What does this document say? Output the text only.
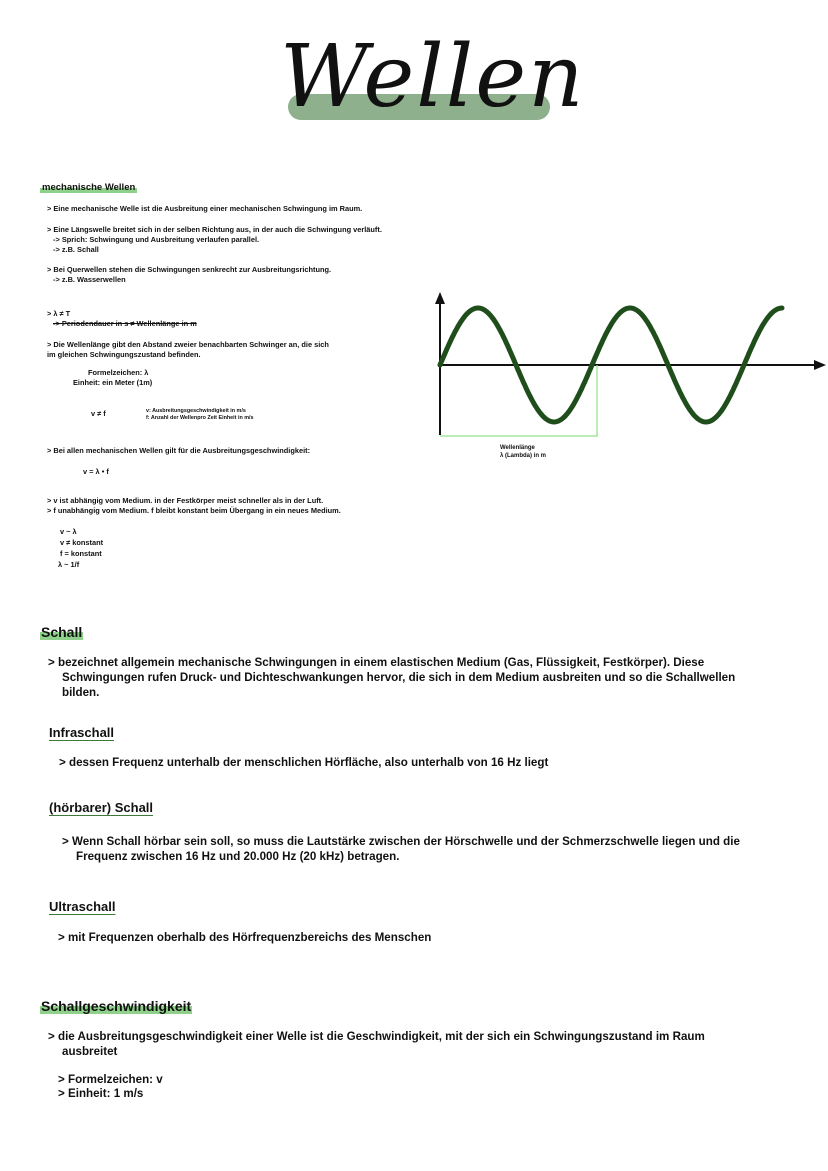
Wellen
mechanische Wellen
> Eine mechanische Welle ist die Ausbreitung einer mechanischen Schwingung im Raum.
> Eine Längswelle breitet sich in der selben Richtung aus, in der auch die Schwingung verläuft.
-> Sprich: Schwingung und Ausbreitung verlaufen parallel.
-> z.B. Schall
> Bei Querwellen stehen die Schwingungen senkrecht zur Ausbreitungsrichtung.
-> z.B. Wasserwellen
> λ ≠ T
-> Periodendauer in s ≠ Wellenlänge in m
> Die Wellenlänge gibt den Abstand zweier benachbarten Schwinger an, die sich
im gleichen Schwingungszustand befinden.
Formelzeichen: λ
Einheit: ein Meter (1m)
v ≠ f	v: Ausbreitungsgeschwindigkeit in m/s
f: Anzahl der Wellenpro Zeit Einheit in m/s
> Bei allen mechanischen Wellen gilt für die Ausbreitungsgeschwindigkeit:
v = λ • f
> v ist abhängig vom Medium. in der Festkörper meist schneller als in der Luft.
> f unabhängig vom Medium. f bleibt konstant beim Übergang in ein neues Medium.
v ~ λ
v ≠ konstant
f = konstant
λ ~ 1/f
Wellenlänge
λ (Lambda) in m
Schall
> bezeichnet allgemein mechanische Schwingungen in einem elastischen Medium (Gas, Flüssigkeit, Festkörper). Diese
Schwingungen rufen Druck- und Dichteschwankungen hervor, die sich in dem Medium ausbreiten und so die Schallwellen
bilden.
Infraschall
> dessen Frequenz unterhalb der menschlichen Hörfläche, also unterhalb von 16 Hz liegt
(hörbarer) Schall
> Wenn Schall hörbar sein soll, so muss die Lautstärke zwischen der Hörschwelle und der Schmerzschwelle liegen und die
Frequenz zwischen 16 Hz und 20.000 Hz (20 kHz) betragen.
Ultraschall
> mit Frequenzen oberhalb des Hörfrequenzbereichs des Menschen
Schallgeschwindigkeit
> die Ausbreitungsgeschwindigkeit einer Welle ist die Geschwindigkeit, mit der sich ein Schwingungszustand im Raum
ausbreitet
> Formelzeichen: v
> Einheit: 1 m/s
